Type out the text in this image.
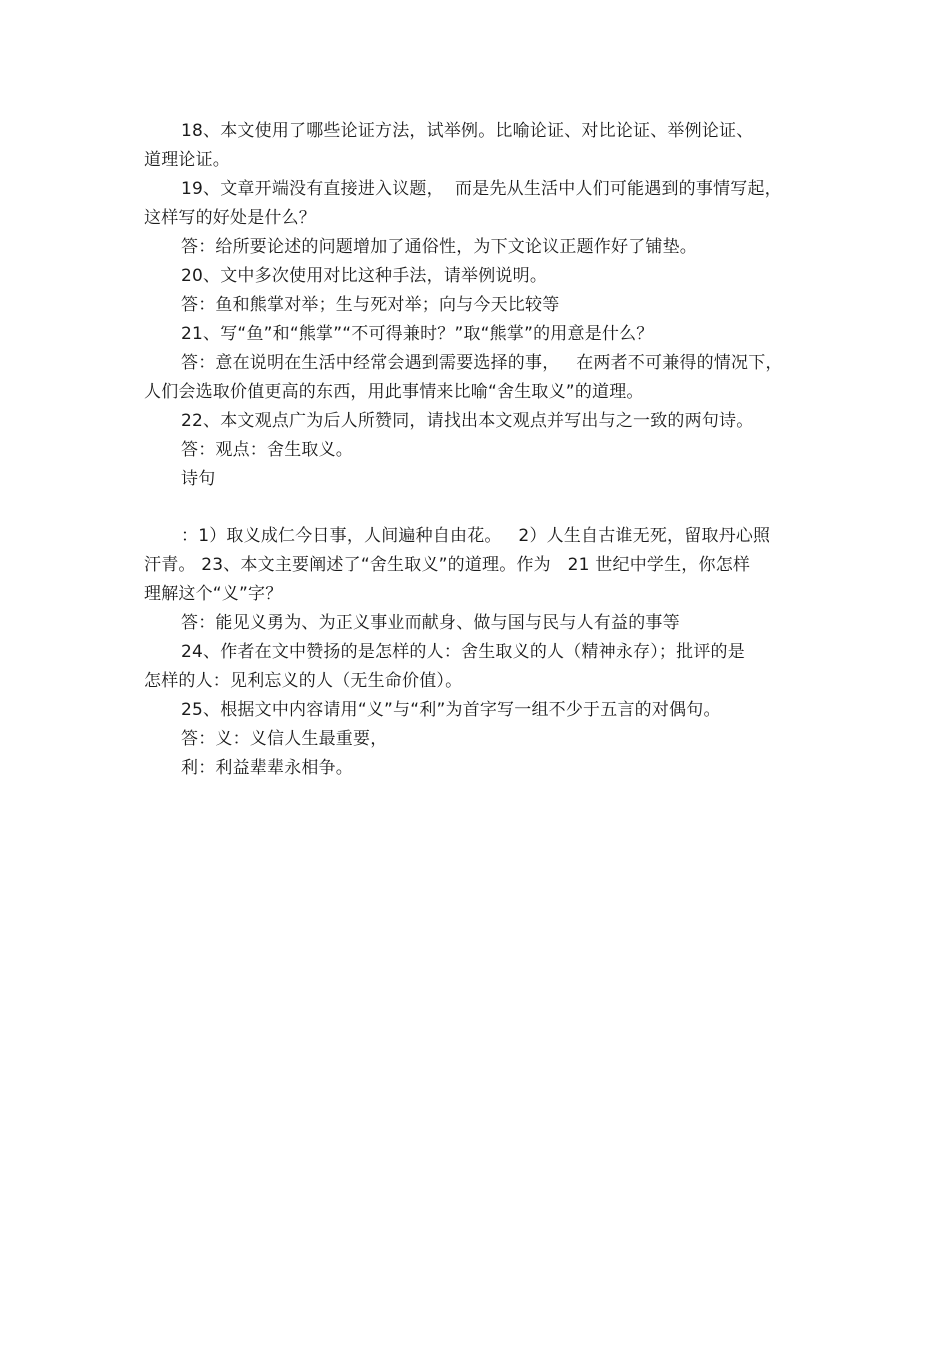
18、本文使用了哪些论证方法，试举例。比喻论证、对比论证、举例论证、
道理论证。
19、文章开端没有直接进入议题，  而是先从生活中人们可能遇到的事情写起，
这样写的好处是什么？
答：给所要论述的问题增加了通俗性，为下文论议正题作好了铺垫。
20、文中多次使用对比这种手法，请举例说明。
答：鱼和熊掌对举；生与死对举；向与今天比较等
21、写“鱼”和“熊掌”“不可得兼时？”取“熊掌”的用意是什么？
答：意在说明在生活中经常会遇到需要选择的事，   在两者不可兼得的情况下，
人们会选取价值更高的东西，用此事情来比喻“舍生取义”的道理。
22、本文观点广为后人所赞同，请找出本文观点并写出与之一致的两句诗。
答：观点：舍生取义。
诗句
：1）取义成仁今日事，人间遍种自由花。   2）人生自古谁无死，留取丹心照
汗青。 23、本文主要阐述了“舍生取义”的道理。作为   21 世纪中学生，你怎样
理解这个“义”字？
答：能见义勇为、为正义事业而献身、做与国与民与人有益的事等
24、作者在文中赞扬的是怎样的人：舍生取义的人（精神永存）；批评的是
怎样的人：见利忘义的人（无生命价值）。
25、根据文中内容请用“义”与“利”为首字写一组不少于五言的对偶句。
答：义：义信人生最重要，
利：利益辈辈永相争。
